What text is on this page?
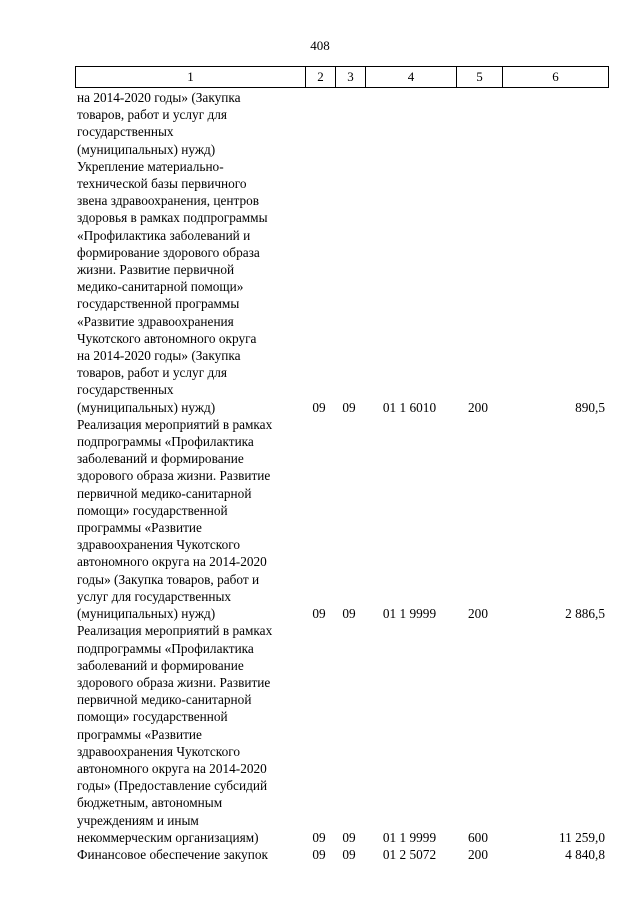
408
1	2	3	4	5	6
на 2014-2020 годы» (Закупка
товаров, работ и услуг для
государственных
(муниципальных) нужд)
Укрепление материально-
технической базы первичного
звена здравоохранения, центров
здоровья в рамках подпрограммы
«Профилактика заболеваний и
формирование здорового образа
жизни. Развитие первичной
медико-санитарной помощи»
государственной программы
«Развитие здравоохранения
Чукотского автономного округа
на 2014-2020 годы» (Закупка
товаров, работ и услуг для
государственных
(муниципальных) нужд)	09	09	01 1 6010	200	890,5
Реализация мероприятий в рамках
подпрограммы «Профилактика
заболеваний и формирование
здорового образа жизни. Развитие
первичной медико-санитарной
помощи» государственной
программы «Развитие
здравоохранения Чукотского
автономного округа на 2014-2020
годы» (Закупка товаров, работ и
услуг для государственных
(муниципальных) нужд)	09	09	01 1 9999	200	2 886,5
Реализация мероприятий в рамках
подпрограммы «Профилактика
заболеваний и формирование
здорового образа жизни. Развитие
первичной медико-санитарной
помощи» государственной
программы «Развитие
здравоохранения Чукотского
автономного округа на 2014-2020
годы» (Предоставление субсидий
бюджетным, автономным
учреждениям и иным
некоммерческим организациям)	09	09	01 1 9999	600	11 259,0
Финансовое обеспечение закупок	09	09	01 2 5072	200	4 840,8
